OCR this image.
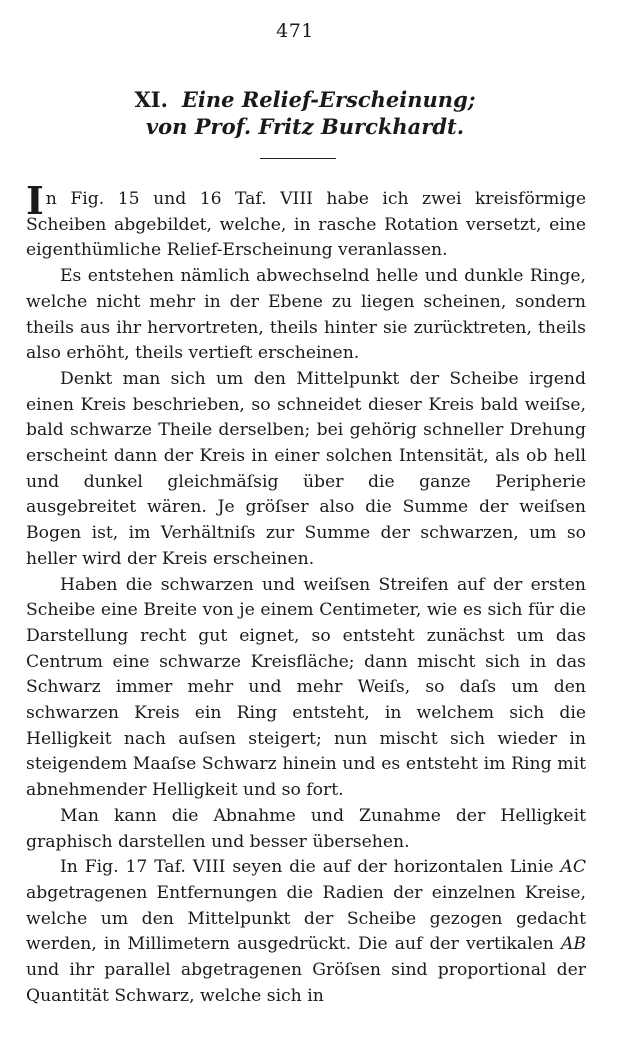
471
XI. Eine Relief-Erscheinung;
von Prof. Fritz Burckhardt.

In Fig. 15 und 16 Taf. VIII habe ich zwei kreisförmige Scheiben abgebildet, welche, in rasche Rotation versetzt, eine eigenthümliche Relief-Erscheinung veranlassen.

Es entstehen nämlich abwechselnd helle und dunkle Ringe, welche nicht mehr in der Ebene zu liegen scheinen, sondern theils aus ihr hervortreten, theils hinter sie zurücktreten, theils also erhöht, theils vertieft erscheinen.

Denkt man sich um den Mittelpunkt der Scheibe irgend einen Kreis beschrieben, so schneidet dieser Kreis bald weiſse, bald schwarze Theile derselben; bei gehörig schneller Drehung erscheint dann der Kreis in einer solchen Intensität, als ob hell und dunkel gleichmäſsig über die ganze Peripherie ausgebreitet wären. Je gröſser also die Summe der weiſsen Bogen ist, im Verhältniſs zur Summe der schwarzen, um so heller wird der Kreis erscheinen.

Haben die schwarzen und weiſsen Streifen auf der ersten Scheibe eine Breite von je einem Centimeter, wie es sich für die Darstellung recht gut eignet, so entsteht zunächst um das Centrum eine schwarze Kreisfläche; dann mischt sich in das Schwarz immer mehr und mehr Weiſs, so daſs um den schwarzen Kreis ein Ring entsteht, in welchem sich die Helligkeit nach auſsen steigert; nun mischt sich wieder in steigendem Maaſse Schwarz hinein und es entsteht im Ring mit abnehmender Helligkeit und so fort.

Man kann die Abnahme und Zunahme der Helligkeit graphisch darstellen und besser übersehen.

In Fig. 17 Taf. VIII seyen die auf der horizontalen Linie AC abgetragenen Entfernungen die Radien der einzelnen Kreise, welche um den Mittelpunkt der Scheibe gezogen gedacht werden, in Millimetern ausgedrückt. Die auf der vertikalen AB und ihr parallel abgetragenen Gröſsen sind proportional der Quantität Schwarz, welche sich in
